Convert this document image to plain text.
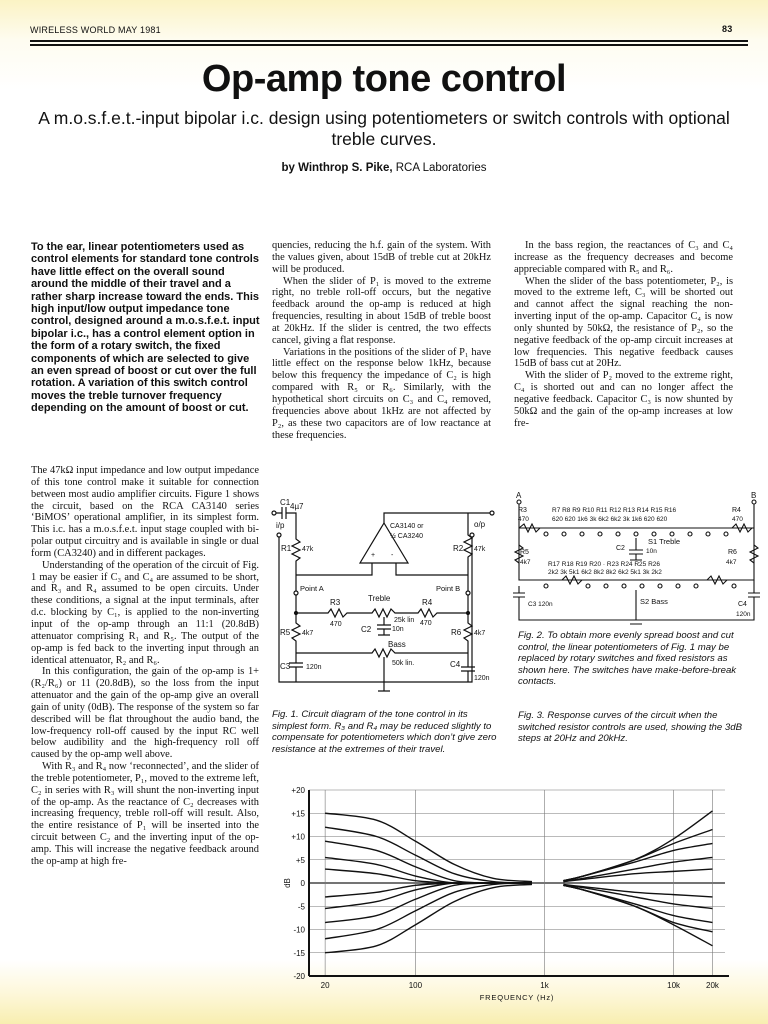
WIRELESS WORLD MAY 1981	83
Op-amp tone control
A m.o.s.f.e.t.-input bipolar i.c. design using potentiometers or switch controls with optional treble curves.
by Winthrop S. Pike, RCA Laboratories
To the ear, linear potentiometers used as control elements for standard tone controls have little effect on the overall sound around the middle of their travel and a rather sharp increase toward the ends. This high input/low output impedance tone control, designed around a m.o.s.f.e.t. input bipolar i.c., has a control element option in the form of a rotary switch, the fixed components of which are selected to give an even spread of boost or cut over the full rotation. A variation of this switch control moves the treble turnover frequency depending on the amount of boost or cut.

The 47kΩ input impedance and low output impedance of this tone control make it suitable for connection between most audio amplifier circuits. Figure 1 shows the circuit, based on the RCA CA3140 series ‘BiMOS’ operational amplifier, in its simplest form. This i.c. has a m.o.s.f.e.t. input stage coupled with bi-polar output circuitry and is available in single or dual form (CA3240) and in different packages.

Understanding of the operation of the circuit of Fig. 1 may be easier if C₃ and C₄ are assumed to be short, and R₃ and R₄ assumed to be open circuits. Under these conditions, a signal at the input terminals, after d.c. blocking by C₁, is applied to the non-inverting input of the op-amp through an 11:1 (20.8dB) attenuator comprising R₁ and R₅. The output of the op-amp is fed back to the inverting input through an identical attenuator, R₂ and R₆.

In this configuration, the gain of the op-amp is 1+(R₂/R₆) or 11 (20.8dB), so the loss from the input attenuator and the gain of the op-amp give an overall gain of unity (0dB). The response of the system so far described will be flat throughout the audio band, the low-frequency roll-off caused by the input RC well below audibility and the high-frequency roll off caused by the op-amp well above.

With R₃ and R₄ now ‘reconnected’, and the slider of the treble potentiometer, P₁, moved to the extreme left, C₂ in series with R₃ will shunt the non-inverting input of the op-amp. As the reactance of C₂ decreases with increasing frequency, treble roll-off will result. Also, the entire resistance of P₁ will be inserted into the circuit between C₂ and the inverting input of the op-amp. This will increase the negative feedback around the op-amp at high fre-

quencies, reducing the h.f. gain of the system. With the values given, about 15dB of treble cut at 20kHz will be produced.

When the slider of P₁ is moved to the extreme right, no treble roll-off occurs, but the negative feedback around the op-amp is reduced at high frequencies, resulting in about 15dB of treble boost at 20kHz. If the slider is centred, the two effects cancel, giving a flat response.

Variations in the positions of the slider of P₁ have little effect on the response below 1kHz, because below this frequency the impedance of C₂ is high compared with R₅ or R₆. Similarly, with the hypothetical short circuits on C₃ and C₄ removed, frequencies above about 1kHz are not affected by P₂, as these two capacitors are of low reactance at these frequencies.

In the bass region, the reactances of C₃ and C₄ increase as the frequency decreases and become appreciable compared with R₅ and R₆.

When the slider of the bass potentiometer, P₂, is moved to the extreme left, C₃ will be shorted out and cannot affect the signal reaching the non-inverting input of the op-amp. Capacitor C₄ is now only shunted by 50kΩ, the resistance of P₂, so the negative feedback of the op-amp circuit increases at low frequencies. This negative feedback causes 15dB of bass cut at 20Hz.

With the slider of P₂ moved to the extreme right, C₄ is shorted out and can no longer affect the negative feedback. Capacitor C₃ is now shunted by 50kΩ and the gain of the op-amp increases at low fre-

C1 4µ7
i/p
R1 47k
+ -
CA3140 or
½ CA3240
o/p
R2 47k
Point A	Point B
Treble
R3
470
R4
470
25k lin
C2	10n
R5 4k7	R6 4k7
Bass
50k lin.
C3 120n	C4
120n
Fig. 1. Circuit diagram of the tone control in its simplest form. R₃ and R₄ may be reduced slightly to compensate for potentiometers which don’t give zero resistance at the extremes of their travel.
A	B
R3
470
R4
470
R7 R8 R9 R10 R11 R12 R13 R14 R15 R16
620 620 1k6 3k 6k2 6k2 3k 1k6 620 620
R5
4k7
R6
4k7
C2	10n
S1 Treble
R17 R18 R19 R20 · R23 R24 R25 R26
2k2 3k 5k1 6k2 8k2 8k2 6k2 5k1 3k 2k2
S2 Bass
C3 120n	C4
120n
Fig. 2. To obtain more evenly spread boost and cut control, the linear potentiometers of Fig. 1 may be replaced by rotary switches and fixed resistors as shown here. The switches have make-before-break contacts.
Fig. 3. Response curves of the circuit when the switched resistor controls are used, showing the 3dB steps at 20Hz and 20kHz.
+20
+15
+10
+5
0
-5
-10
-15
-20
20	100	1k	10k	20k
FREQUENCY (Hz)
dB
